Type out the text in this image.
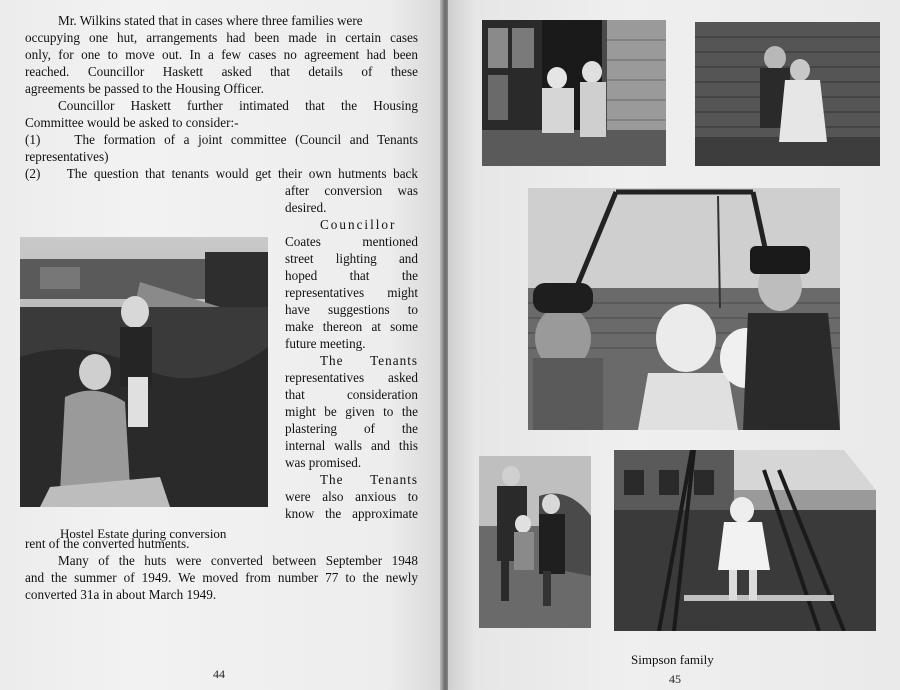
Mr. Wilkins stated that in cases where three families were

occupying one hut, arrangements had been made in certain cases

only, for one to move out. In a few cases no agreement had been

reached. Councillor Haskett asked that details of these

agreements be passed to the Housing Officer.

Councillor Haskett further intimated that the Housing

Committee would be asked to consider:-

(1)    The formation of a joint committee (Council and Tenants

representatives)

(2)    The question that tenants would get their own hutments back

after conversion was

desired.

Councillor

Coates mentioned

street lighting and

hoped that the

representatives might

have suggestions to

make thereon at some

future meeting.

The Tenants

representatives asked

that consideration

might be given to the

plastering of the

internal walls and this

was promised.

The Tenants

were also anxious to

know the approximate

Hostel Estate during conversion

rent of the converted hutments.

Many of the huts were converted between September 1948

and the summer of 1949. We moved from number 77 to the newly

converted 31a in about March 1949.

44

Simpson family

45
